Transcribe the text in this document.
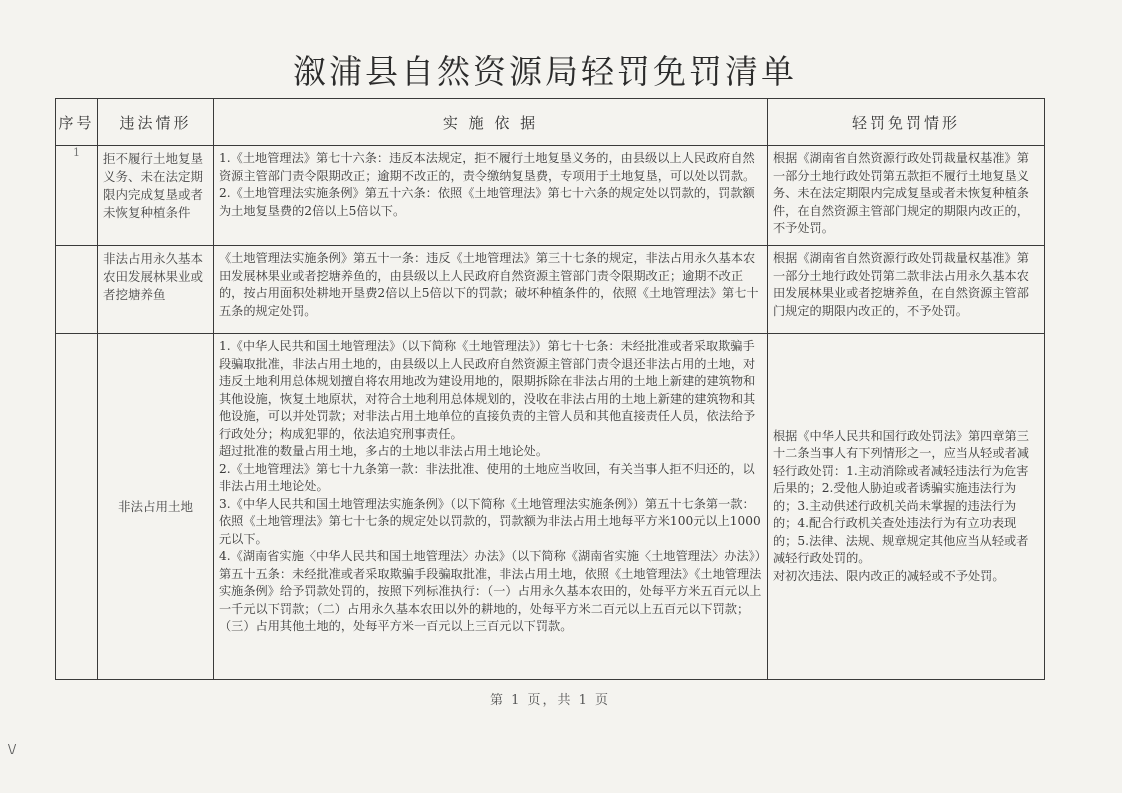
溆浦县自然资源局轻罚免罚清单
序号	违法情形	实 施 依 据	轻罚免罚情形
1	拒不履行土地复垦义务、未在法定期限内完成复垦或者未恢复种植条件	1.《土地管理法》第七十六条：违反本法规定，拒不履行土地复垦义务的，由县级以上人民政府自然资源主管部门责令限期改正；逾期不改正的，责令缴纳复垦费，专项用于土地复垦，可以处以罚款。
2.《土地管理法实施条例》第五十六条：依照《土地管理法》第七十六条的规定处以罚款的，罚款额为土地复垦费的2倍以上5倍以下。	根据《湖南省自然资源行政处罚裁量权基准》第一部分土地行政处罚第五款拒不履行土地复垦义务、未在法定期限内完成复垦或者未恢复种植条件，在自然资源主管部门规定的期限内改正的，不予处罚。

	非法占用永久基本农田发展林果业或者挖塘养鱼	《土地管理法实施条例》第五十一条：违反《土地管理法》第三十七条的规定，非法占用永久基本农田发展林果业或者挖塘养鱼的，由县级以上人民政府自然资源主管部门责令限期改正；逾期不改正的，按占用面积处耕地开垦费2倍以上5倍以下的罚款；破坏种植条件的，依照《土地管理法》第七十五条的规定处罚。	根据《湖南省自然资源行政处罚裁量权基准》第一部分土地行政处罚第二款非法占用永久基本农田发展林果业或者挖塘养鱼，在自然资源主管部门规定的期限内改正的，不予处罚。

	非法占用土地	1.《中华人民共和国土地管理法》（以下简称《土地管理法》）第七十七条：未经批准或者采取欺骗手段骗取批准，非法占用土地的，由县级以上人民政府自然资源主管部门责令退还非法占用的土地，对违反土地利用总体规划擅自将农用地改为建设用地的，限期拆除在非法占用的土地上新建的建筑物和其他设施，恢复土地原状，对符合土地利用总体规划的，没收在非法占用的土地上新建的建筑物和其他设施，可以并处罚款；对非法占用土地单位的直接负责的主管人员和其他直接责任人员，依法给予行政处分；构成犯罪的，依法追究刑事责任。
超过批准的数量占用土地，多占的土地以非法占用土地论处。
2.《土地管理法》第七十九条第一款：非法批准、使用的土地应当收回，有关当事人拒不归还的，以非法占用土地论处。
3.《中华人民共和国土地管理法实施条例》（以下简称《土地管理法实施条例》）第五十七条第一款：依照《土地管理法》第七十七条的规定处以罚款的，罚款额为非法占用土地每平方米100元以上1000元以下。
4.《湖南省实施〈中华人民共和国土地管理法〉办法》（以下简称《湖南省实施〈土地管理法〉办法》）第五十五条：未经批准或者采取欺骗手段骗取批准，非法占用土地，依照《土地管理法》《土地管理法实施条例》给予罚款处罚的，按照下列标准执行：（一）占用永久基本农田的，处每平方米五百元以上一千元以下罚款；（二）占用永久基本农田以外的耕地的，处每平方米二百元以上五百元以下罚款；（三）占用其他土地的，处每平方米一百元以上三百元以下罚款。	根据《中华人民共和国行政处罚法》第四章第三十二条当事人有下列情形之一，应当从轻或者减轻行政处罚：1.主动消除或者减轻违法行为危害后果的；2.受他人胁迫或者诱骗实施违法行为的；3.主动供述行政机关尚未掌握的违法行为的；4.配合行政机关查处违法行为有立功表现的；5.法律、法规、规章规定其他应当从轻或者减轻行政处罚的。
对初次违法、限内改正的减轻或不予处罚。
第 1 页，共 1 页
\/
